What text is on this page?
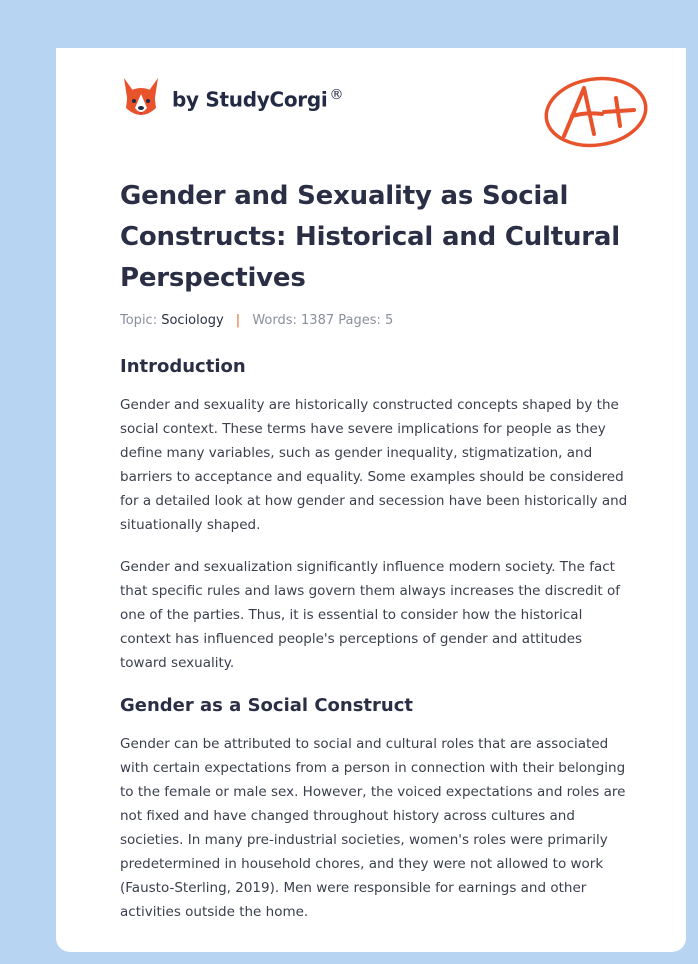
by StudyCorgi ®
Gender and Sexuality as Social Constructs: Historical and Cultural Perspectives
Topic: Sociology | Words: 1387 Pages: 5
Introduction

Gender and sexuality are historically constructed concepts shaped by the social context. These terms have severe implications for people as they define many variables, such as gender inequality, stigmatization, and barriers to acceptance and equality. Some examples should be considered for a detailed look at how gender and secession have been historically and situationally shaped.

Gender and sexualization significantly influence modern society. The fact that specific rules and laws govern them always increases the discredit of one of the parties. Thus, it is essential to consider how the historical context has influenced people's perceptions of gender and attitudes toward sexuality.

Gender as a Social Construct

Gender can be attributed to social and cultural roles that are associated with certain expectations from a person in connection with their belonging to the female or male sex. However, the voiced expectations and roles are not fixed and have changed throughout history across cultures and societies. In many pre-industrial societies, women's roles were primarily predetermined in household chores, and they were not allowed to work (Fausto-Sterling, 2019). Men were responsible for earnings and other activities outside the home.
